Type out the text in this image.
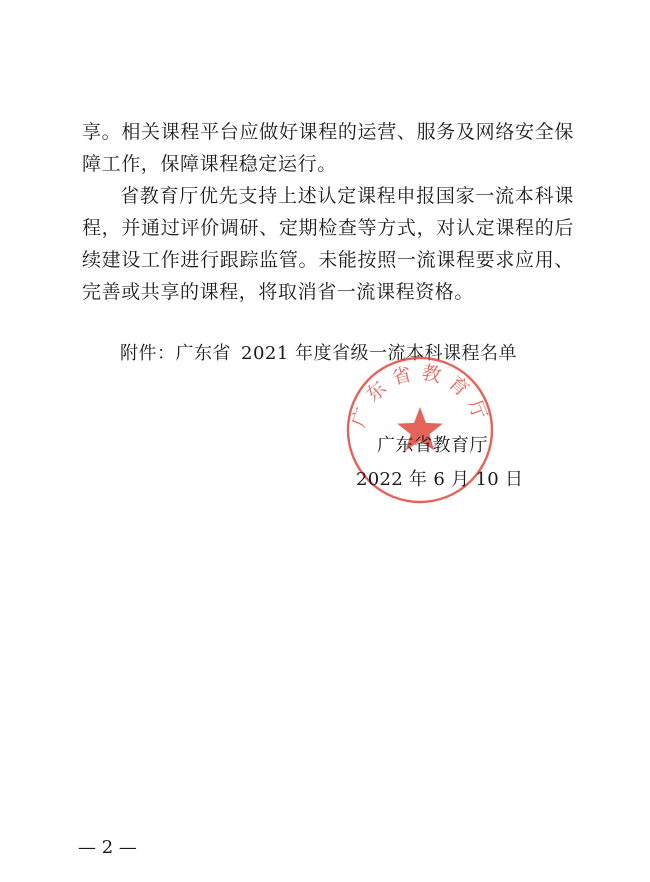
享。相关课程平台应做好课程的运营、服务及网络安全保障工作，保障课程稳定运行。

省教育厅优先支持上述认定课程申报国家一流本科课程，并通过评价调研、定期检查等方式，对认定课程的后续建设工作进行跟踪监管。未能按照一流课程要求应用、完善或共享的课程，将取消省一流课程资格。

附件：广东省 2021 年度省级一流本科课程名单
广东省教育厅
广东省教育厅
2022 年 6 月 10 日
— 2 —
